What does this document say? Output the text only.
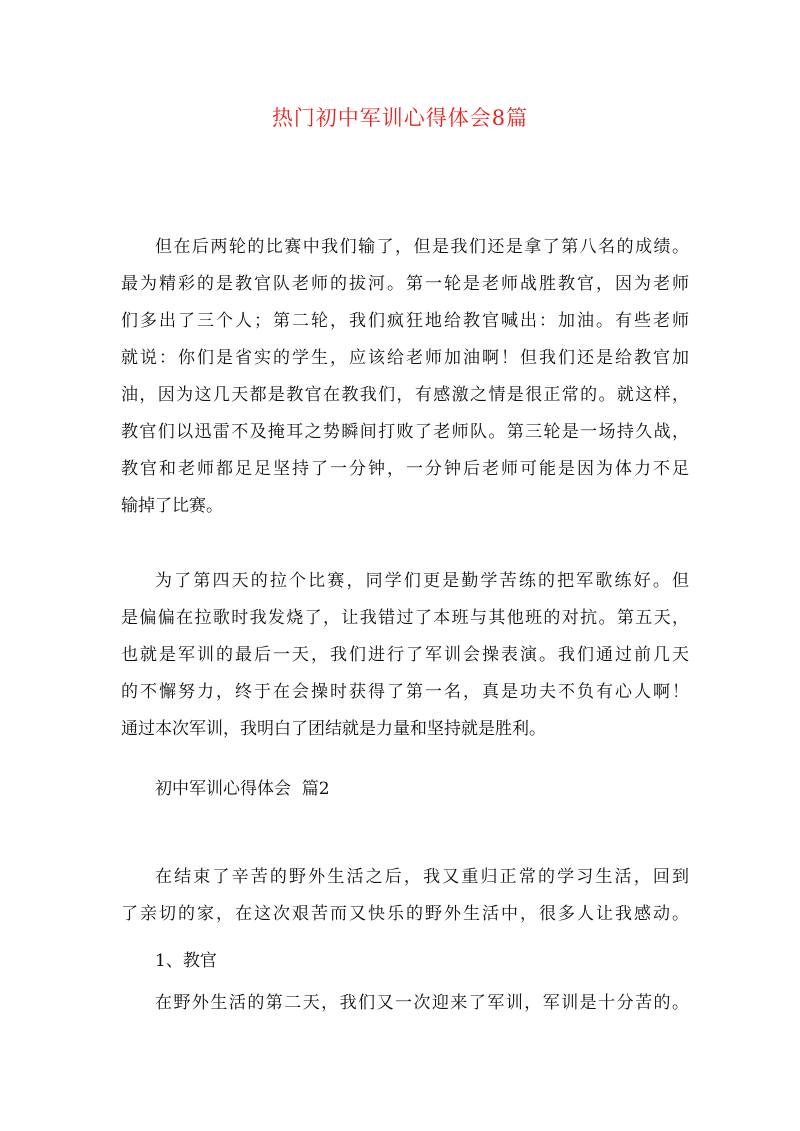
热门初中军训心得体会8篇
但在后两轮的比赛中我们输了，但是我们还是拿了第八名的成绩。
最为精彩的是教官队老师的拔河。第一轮是老师战胜教官，因为老师
们多出了三个人；第二轮，我们疯狂地给教官喊出：加油。有些老师
就说：你们是省实的学生，应该给老师加油啊！但我们还是给教官加
油，因为这几天都是教官在教我们，有感激之情是很正常的。就这样，
教官们以迅雷不及掩耳之势瞬间打败了老师队。第三轮是一场持久战，
教官和老师都足足坚持了一分钟，一分钟后老师可能是因为体力不足
输掉了比赛。
为了第四天的拉个比赛，同学们更是勤学苦练的把军歌练好。但
是偏偏在拉歌时我发烧了，让我错过了本班与其他班的对抗。第五天，
也就是军训的最后一天，我们进行了军训会操表演。我们通过前几天
的不懈努力，终于在会操时获得了第一名，真是功夫不负有心人啊！
通过本次军训，我明白了团结就是力量和坚持就是胜利。
初中军训心得体会  篇2
在结束了辛苦的野外生活之后，我又重归正常的学习生活，回到
了亲切的家，在这次艰苦而又快乐的野外生活中，很多人让我感动。
1、教官
在野外生活的第二天，我们又一次迎来了军训，军训是十分苦的。
